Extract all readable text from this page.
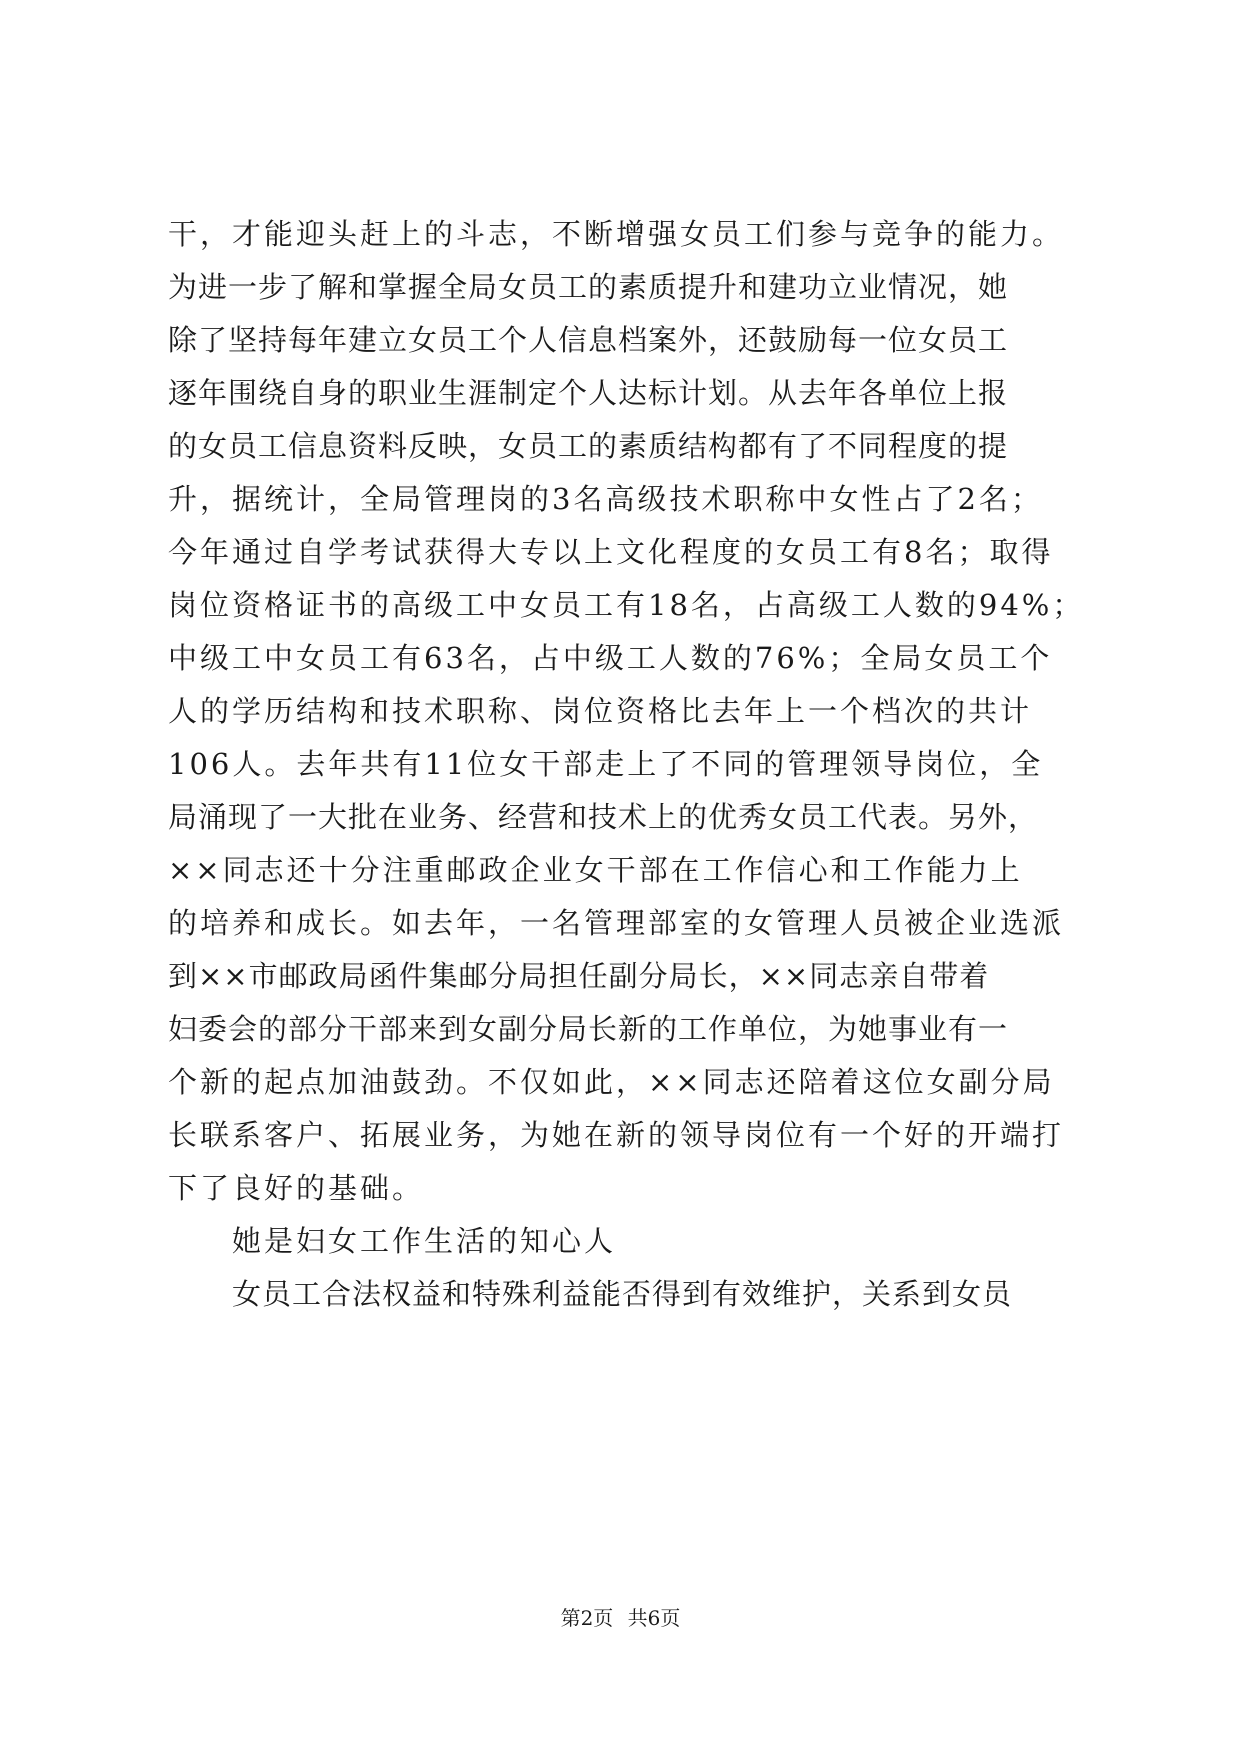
干，才能迎头赶上的斗志，不断增强女员工们参与竞争的能力。
为进一步了解和掌握全局女员工的素质提升和建功立业情况，她
除了坚持每年建立女员工个人信息档案外，还鼓励每一位女员工
逐年围绕自身的职业生涯制定个人达标计划。从去年各单位上报
的女员工信息资料反映，女员工的素质结构都有了不同程度的提
升，据统计，全局管理岗的3名高级技术职称中女性占了2名；
今年通过自学考试获得大专以上文化程度的女员工有8名；取得
岗位资格证书的高级工中女员工有18名，占高级工人数的94%；
中级工中女员工有63名，占中级工人数的76%；全局女员工个
人的学历结构和技术职称、岗位资格比去年上一个档次的共计
106人。去年共有11位女干部走上了不同的管理领导岗位，全
局涌现了一大批在业务、经营和技术上的优秀女员工代表。另外，
××同志还十分注重邮政企业女干部在工作信心和工作能力上
的培养和成长。如去年，一名管理部室的女管理人员被企业选派
到××市邮政局函件集邮分局担任副分局长，××同志亲自带着
妇委会的部分干部来到女副分局长新的工作单位，为她事业有一
个新的起点加油鼓劲。不仅如此，××同志还陪着这位女副分局
长联系客户、拓展业务，为她在新的领导岗位有一个好的开端打
下了良好的基础。
她是妇女工作生活的知心人
女员工合法权益和特殊利益能否得到有效维护，关系到女员
第2页 共6页
